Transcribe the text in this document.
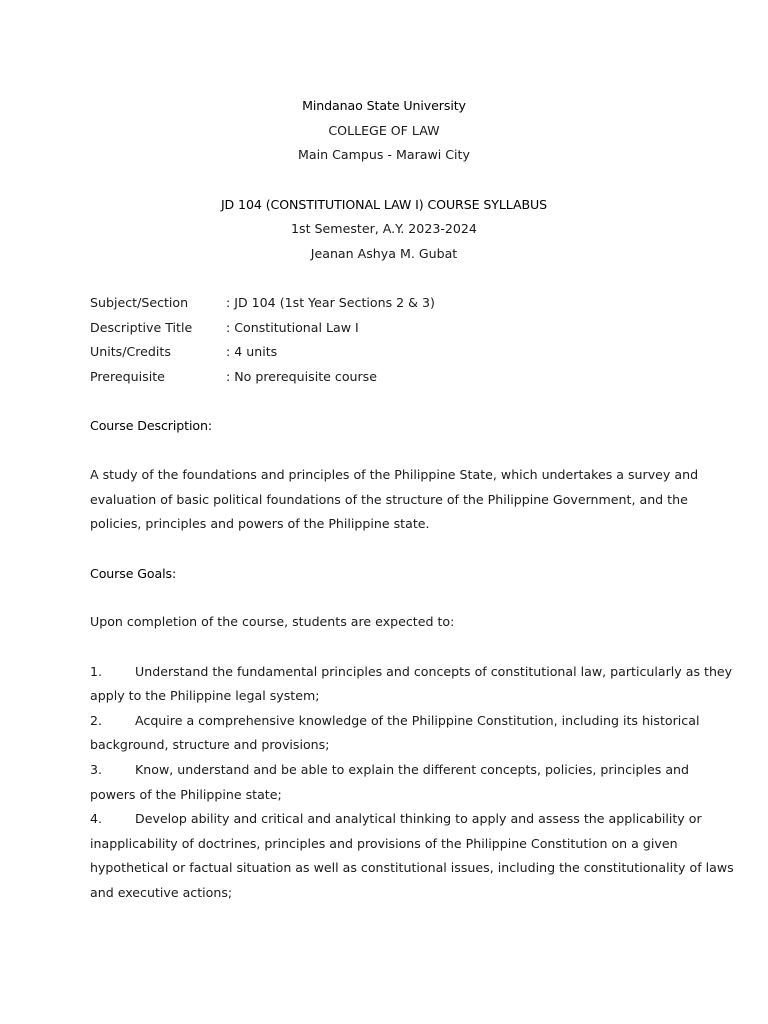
Mindanao State University
COLLEGE OF LAW
Main Campus - Marawi City
JD 104 (CONSTITUTIONAL LAW I) COURSE SYLLABUS
1st Semester, A.Y. 2023-2024
Jeanan Ashya M. Gubat
Subject/Section	: JD 104 (1st Year Sections 2 & 3)
Descriptive Title	: Constitutional Law I
Units/Credits	: 4 units
Prerequisite	: No prerequisite course
Course Description:
A study of the foundations and principles of the Philippine State, which undertakes a survey and
evaluation of basic political foundations of the structure of the Philippine Government, and the
policies, principles and powers of the Philippine state.
Course Goals:
Upon completion of the course, students are expected to:
1.	Understand the fundamental principles and concepts of constitutional law, particularly as they
apply to the Philippine legal system;
2.	Acquire a comprehensive knowledge of the Philippine Constitution, including its historical
background, structure and provisions;
3.	Know, understand and be able to explain the different concepts, policies, principles and
powers of the Philippine state;
4.	Develop ability and critical and analytical thinking to apply and assess the applicability or
inapplicability of doctrines, principles and provisions of the Philippine Constitution on a given
hypothetical or factual situation as well as constitutional issues, including the constitutionality of laws
and executive actions;
